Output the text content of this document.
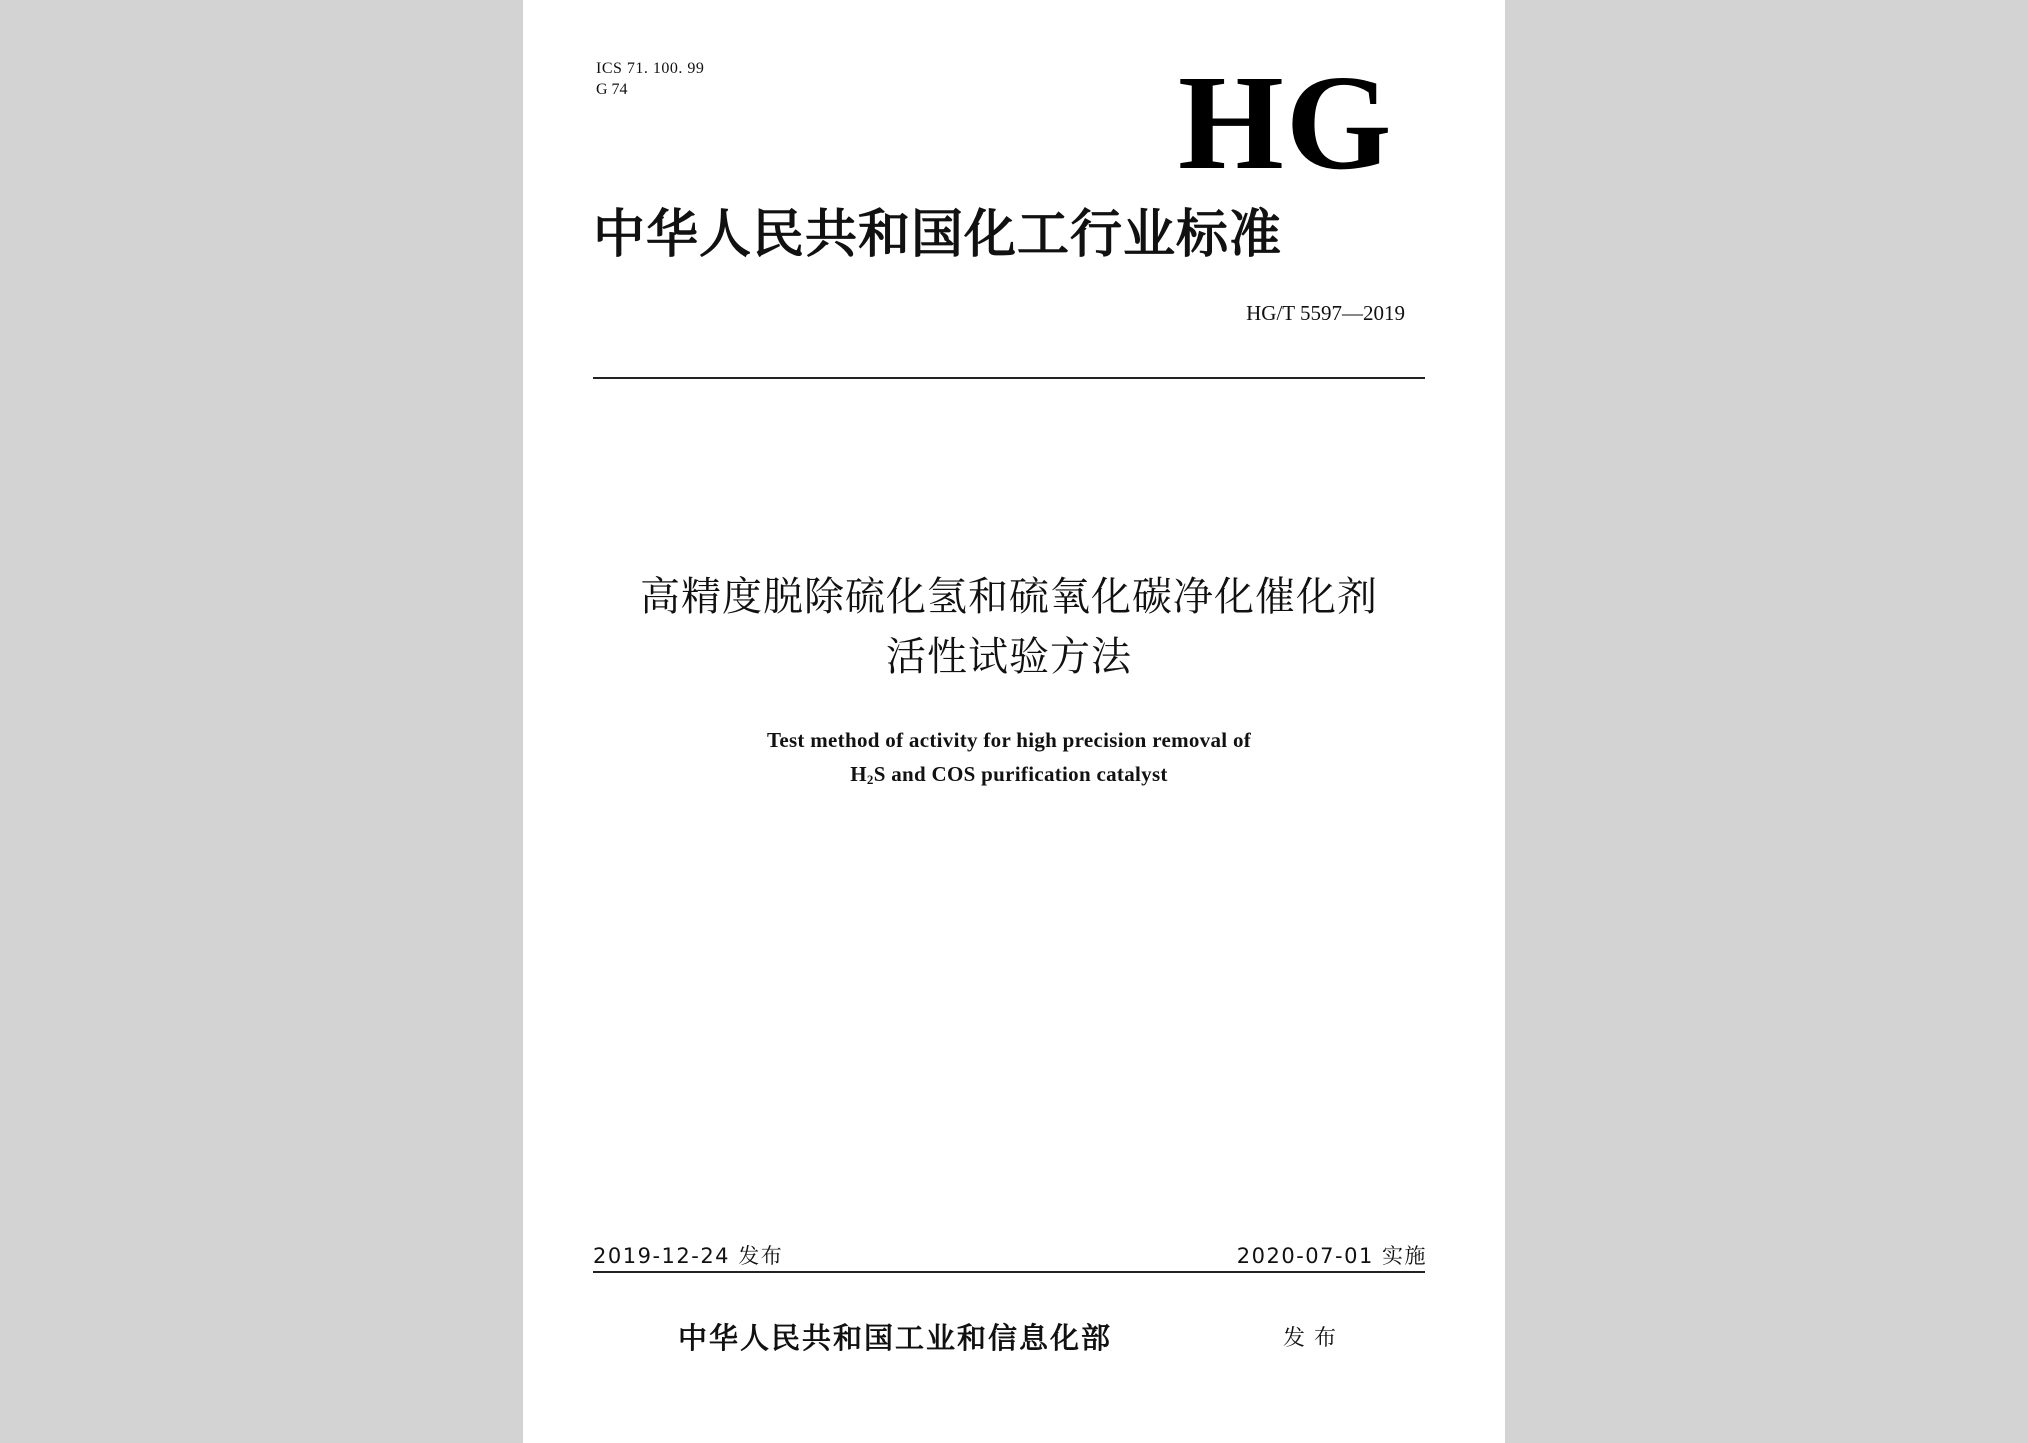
ICS 71. 100. 99
G 74	HG
中华人民共和国化工行业标准
HG/T 5597—2019
高精度脱除硫化氢和硫氧化碳净化催化剂
活性试验方法
Test method of activity for high precision removal of
$H_2S$ and COS purification catalyst
2019-12-24 发布	2020-07-01 实施
中华人民共和国工业和信息化部	发布
